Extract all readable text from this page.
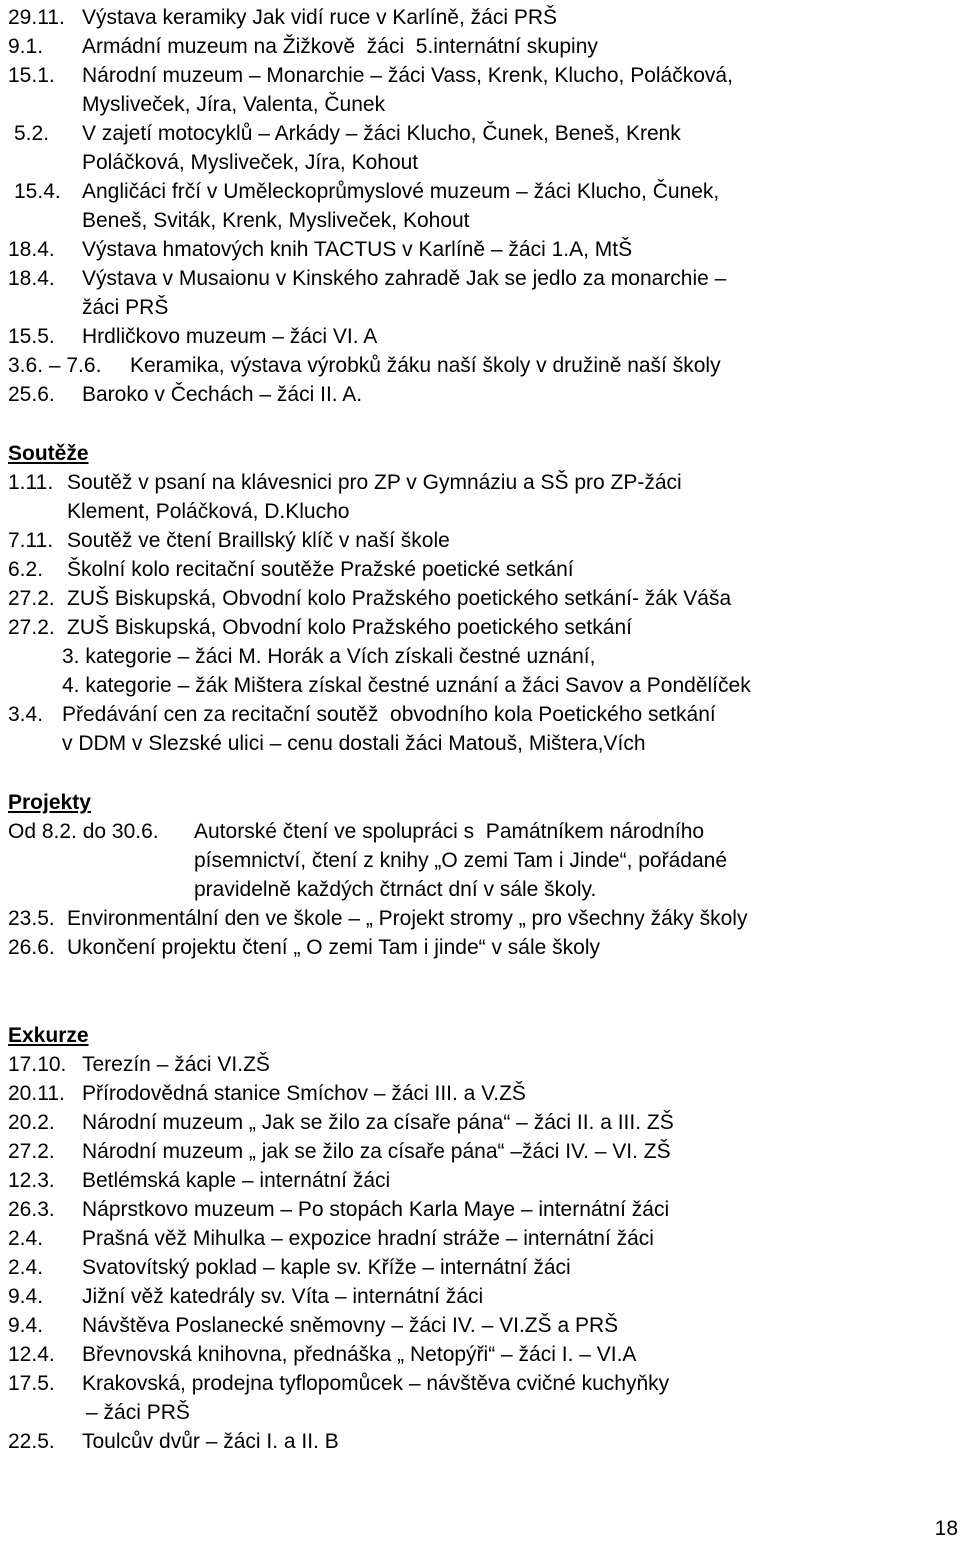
29.11. Výstava keramiky Jak vidí ruce v Karlíně, žáci PRŠ
9.1. Armádní muzeum na Žižkově  žáci  5.internátní skupiny
15.1. Národní muzeum – Monarchie – žáci Vass, Krenk, Klucho, Poláčková,
Mysliveček, Jíra, Valenta, Čunek
5.2. V zajetí motocyklů – Arkády – žáci Klucho, Čunek, Beneš, Krenk
Poláčková, Mysliveček, Jíra, Kohout
15.4. Angličáci frčí v Uměleckoprůmyslové muzeum – žáci Klucho, Čunek,
Beneš, Sviták, Krenk, Mysliveček, Kohout
18.4. Výstava hmatových knih TACTUS v Karlíně – žáci 1.A, MtŠ
18.4. Výstava v Musaionu v Kinského zahradě Jak se jedlo za monarchie –
žáci PRŠ
15.5. Hrdličkovo muzeum – žáci VI. A
3.6. – 7.6. Keramika, výstava výrobků žáku naší školy v družině naší školy
25.6. Baroko v Čechách – žáci II. A.
Soutěže
1.11. Soutěž v psaní na klávesnici pro ZP v Gymnáziu a SŠ pro ZP-žáci
Klement, Poláčková, D.Klucho
7.11. Soutěž ve čtení Braillský klíč v naší škole
6.2. Školní kolo recitační soutěže Pražské poetické setkání
27.2. ZUŠ Biskupská, Obvodní kolo Pražského poetického setkání- žák Váša
27.2. ZUŠ Biskupská, Obvodní kolo Pražského poetického setkání
3. kategorie – žáci M. Horák a Vích získali čestné uznání,
4. kategorie – žák Mištera získal čestné uznání a žáci Savov a Pondělíček
3.4. Předávání cen za recitační soutěž  obvodního kola Poetického setkání
v DDM v Slezské ulici – cenu dostali žáci Matouš, Mištera,Vích
Projekty
Od 8.2. do 30.6. Autorské čtení ve spolupráci s  Památníkem národního
písemnictví, čtení z knihy „O zemi Tam i Jinde“, pořádané
pravidelně každých čtrnáct dní v sále školy.
23.5. Environmentální den ve škole – „ Projekt stromy „ pro všechny žáky školy
26.6. Ukončení projektu čtení „ O zemi Tam i jinde“ v sále školy
Exkurze
17.10. Terezín – žáci VI.ZŠ
20.11. Přírodovědná stanice Smíchov – žáci III. a V.ZŠ
20.2. Národní muzeum „ Jak se žilo za císaře pána“ – žáci II. a III. ZŠ
27.2. Národní muzeum „ jak se žilo za císaře pána“ –žáci IV. – VI. ZŠ
12.3. Betlémská kaple – internátní žáci
26.3. Náprstkovo muzeum – Po stopách Karla Maye – internátní žáci
2.4. Prašná věž Mihulka – expozice hradní stráže – internátní žáci
2.4. Svatovítský poklad – kaple sv. Kříže – internátní žáci
9.4. Jižní věž katedrály sv. Víta – internátní žáci
9.4. Návštěva Poslanecké sněmovny – žáci IV. – VI.ZŠ a PRŠ
12.4. Břevnovská knihovna, přednáška „ Netopýři“ – žáci I. – VI.A
17.5. Krakovská, prodejna tyflopomůcek – návštěva cvičné kuchyňky
– žáci PRŠ
22.5. Toulcův dvůr – žáci I. a II. B
18
